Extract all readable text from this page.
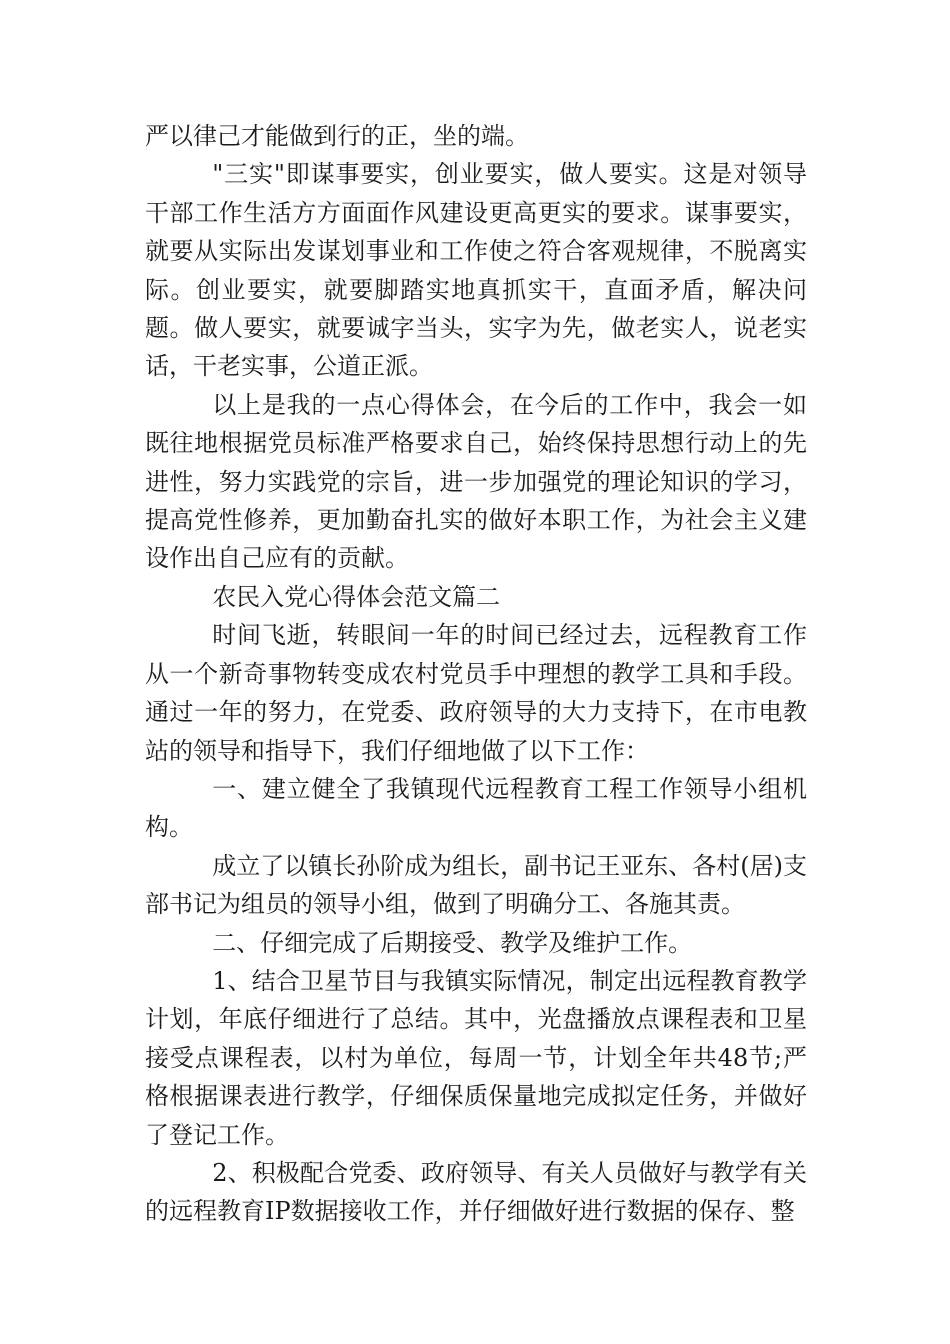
严以律己才能做到行的正，坐的端。

"三实"即谋事要实，创业要实，做人要实。这是对领导干部工作生活方方面面作风建设更高更实的要求。谋事要实，就要从实际出发谋划事业和工作使之符合客观规律，不脱离实际。创业要实，就要脚踏实地真抓实干，直面矛盾，解决问题。做人要实，就要诚字当头，实字为先，做老实人，说老实话，干老实事，公道正派。

以上是我的一点心得体会，在今后的工作中，我会一如既往地根据党员标准严格要求自己，始终保持思想行动上的先进性，努力实践党的宗旨，进一步加强党的理论知识的学习，提高党性修养，更加勤奋扎实的做好本职工作，为社会主义建设作出自己应有的贡献。

农民入党心得体会范文篇二

时间飞逝，转眼间一年的时间已经过去，远程教育工作从一个新奇事物转变成农村党员手中理想的教学工具和手段。通过一年的努力，在党委、政府领导的大力支持下，在市电教站的领导和指导下，我们仔细地做了以下工作：

一、建立健全了我镇现代远程教育工程工作领导小组机构。

成立了以镇长孙阶成为组长，副书记王亚东、各村(居)支部书记为组员的领导小组，做到了明确分工、各施其责。

二、仔细完成了后期接受、教学及维护工作。

1、结合卫星节目与我镇实际情况，制定出远程教育教学计划，年底仔细进行了总结。其中，光盘播放点课程表和卫星接受点课程表，以村为单位，每周一节，计划全年共48节;严格根据课表进行教学，仔细保质保量地完成拟定任务，并做好了登记工作。

2、积极配合党委、政府领导、有关人员做好与教学有关的远程教育IP数据接收工作，并仔细做好进行数据的保存、整
